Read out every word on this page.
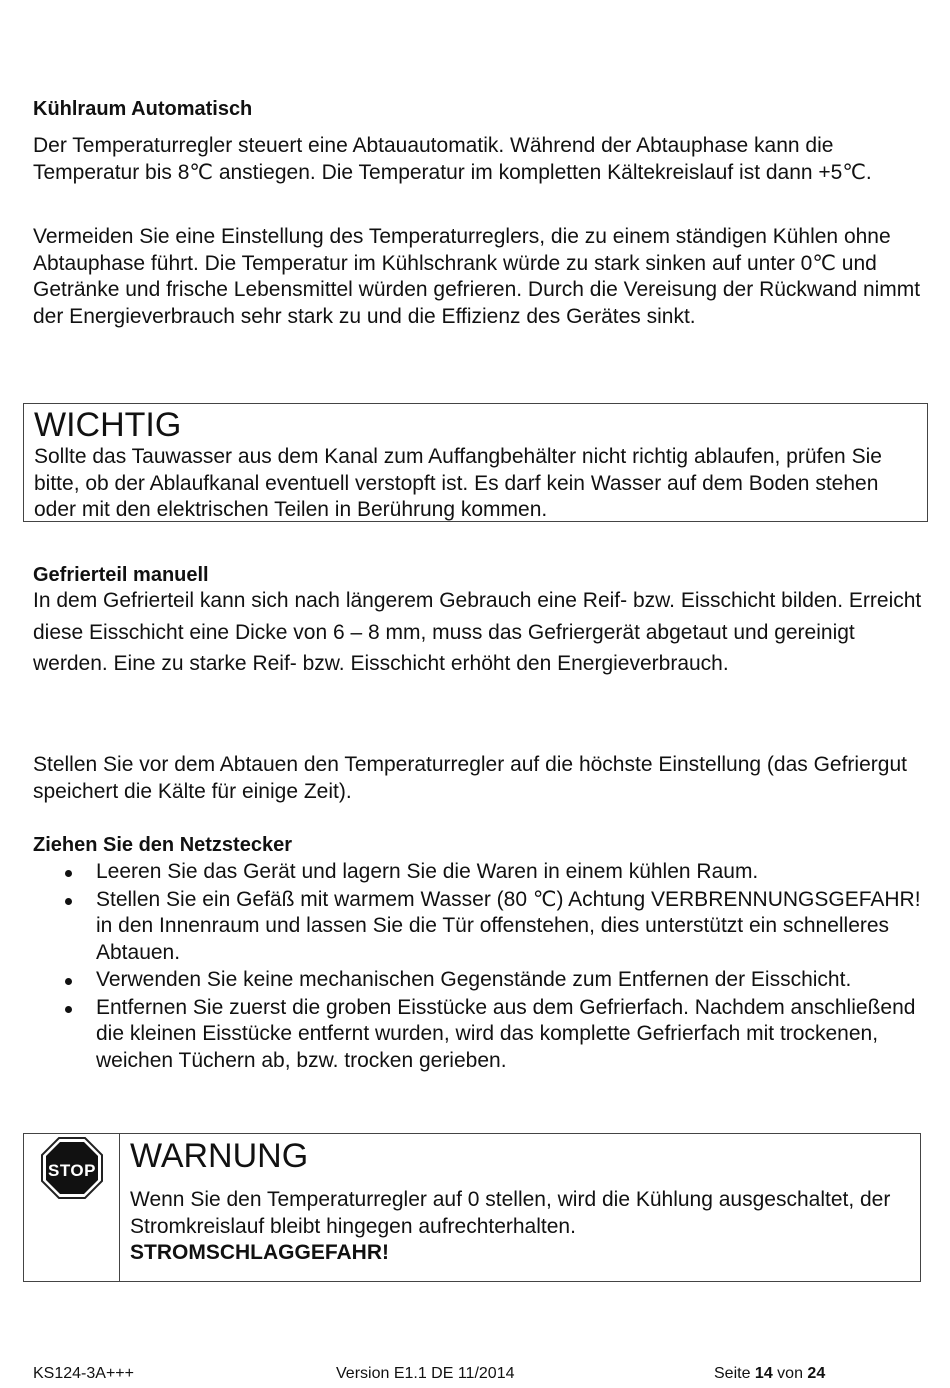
Kühlraum Automatisch
Der Temperaturregler steuert eine Abtauautomatik. Während der Abtauphase kann die Temperatur bis 8℃ anstiegen. Die Temperatur im kompletten Kältekreislauf ist dann +5℃.
Vermeiden Sie eine Einstellung des Temperaturreglers, die zu einem ständigen Kühlen ohne Abtauphase führt. Die Temperatur im Kühlschrank würde zu stark sinken auf unter 0℃ und Getränke und frische Lebensmittel würden gefrieren. Durch die Vereisung der Rückwand nimmt der Energieverbrauch sehr stark zu und die Effizienz des Gerätes sinkt.
WICHTIG
Sollte das Tauwasser aus dem Kanal zum Auffangbehälter nicht richtig ablaufen, prüfen Sie bitte, ob der Ablaufkanal eventuell verstopft ist. Es darf kein Wasser auf dem Boden stehen oder mit den elektrischen Teilen in Berührung kommen.
Gefrierteil manuell
In dem Gefrierteil kann sich nach längerem Gebrauch eine Reif- bzw. Eisschicht bilden. Erreicht diese Eisschicht eine Dicke von 6 – 8 mm, muss das Gefriergerät abgetaut und gereinigt werden. Eine zu starke Reif- bzw. Eisschicht erhöht den Energieverbrauch.
Stellen Sie vor dem Abtauen den Temperaturregler auf die höchste Einstellung (das Gefriergut speichert die Kälte für einige Zeit).
Ziehen Sie den Netzstecker
Leeren Sie das Gerät und lagern Sie die Waren in einem kühlen Raum.
Stellen Sie ein Gefäß mit warmem Wasser (80 ℃) Achtung VERBRENNUNGSGEFAHR! in den Innenraum und lassen Sie die Tür offenstehen, dies unterstützt ein schnelleres Abtauen.
Verwenden Sie keine mechanischen Gegenstände zum Entfernen der Eisschicht.
Entfernen Sie zuerst die groben Eisstücke aus dem Gefrierfach. Nachdem anschließend die kleinen Eisstücke entfernt wurden, wird das komplette Gefrierfach mit trockenen, weichen Tüchern ab, bzw. trocken gerieben.
STOP WARNUNG
Wenn Sie den Temperaturregler auf 0 stellen, wird die Kühlung ausgeschaltet, der Stromkreislauf bleibt hingegen aufrechterhalten.
STROMSCHLAGGEFAHR!
KS124-3A+++	Version E1.1 DE 11/2014	Seite 14 von 24
